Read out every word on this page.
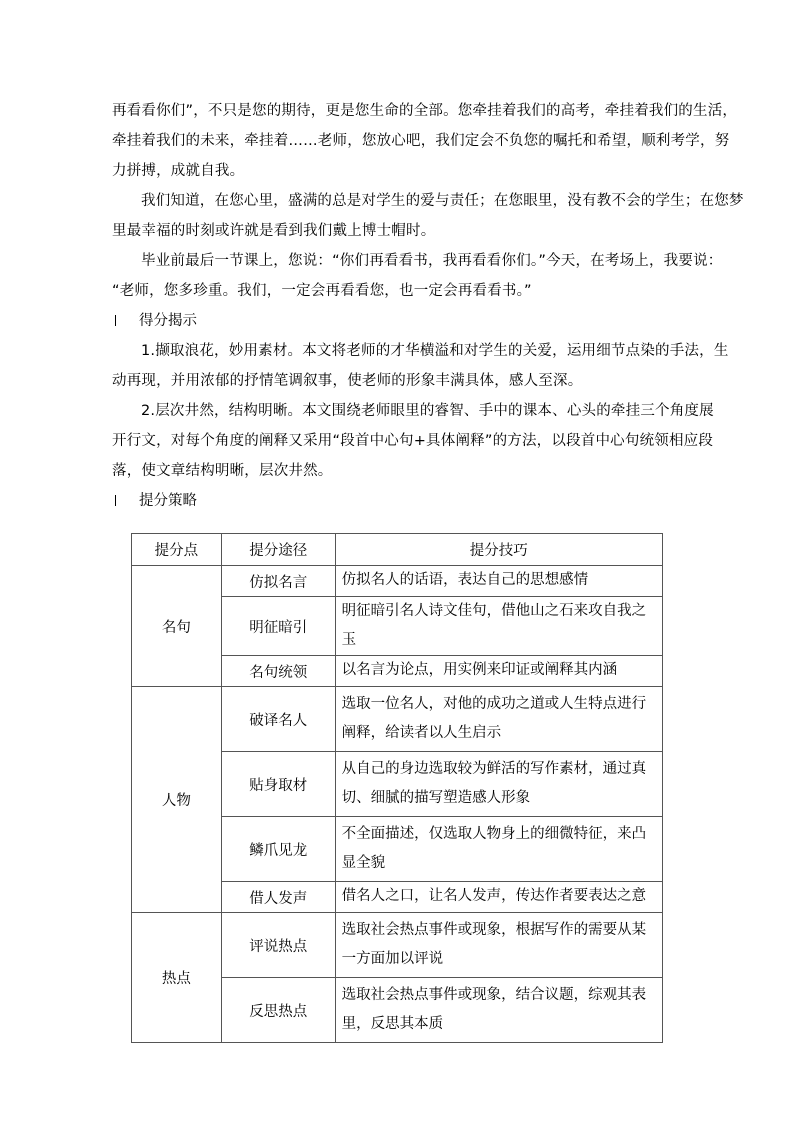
再看看你们”，不只是您的期待，更是您生命的全部。您牵挂着我们的高考，牵挂着我们的生活，
牵挂着我们的未来，牵挂着……老师，您放心吧，我们定会不负您的嘱托和希望，顺利考学，努
力拼搏，成就自我。
我们知道，在您心里，盛满的总是对学生的爱与责任；在您眼里，没有教不会的学生；在您梦
里最幸福的时刻或许就是看到我们戴上博士帽时。
毕业前最后一节课上，您说：“你们再看看书，我再看看你们。”今天，在考场上，我要说：
“老师，您多珍重。我们，一定会再看看您，也一定会再看看书。”
得分揭示
1.撷取浪花，妙用素材。本文将老师的才华横溢和对学生的关爱，运用细节点染的手法，生
动再现，并用浓郁的抒情笔调叙事，使老师的形象丰满具体，感人至深。
2.层次井然，结构明晰。本文围绕老师眼里的睿智、手中的课本、心头的牵挂三个角度展
开行文，对每个角度的阐释又采用“段首中心句+具体阐释”的方法，以段首中心句统领相应段
落，使文章结构明晰，层次井然。
提分策略
提分点	提分途径	提分技巧
名句	仿拟名言	仿拟名人的话语，表达自己的思想感情
	明征暗引	明征暗引名人诗文佳句，借他山之石来攻自我之玉
	名句统领	以名言为论点，用实例来印证或阐释其内涵
人物	破译名人	选取一位名人，对他的成功之道或人生特点进行阐释，给读者以人生启示
	贴身取材	从自己的身边选取较为鲜活的写作素材，通过真切、细腻的描写塑造感人形象
	鳞爪见龙	不全面描述，仅选取人物身上的细微特征，来凸显全貌
	借人发声	借名人之口，让名人发声，传达作者要表达之意
热点	评说热点	选取社会热点事件或现象，根据写作的需要从某一方面加以评说
	反思热点	选取社会热点事件或现象，结合议题，综观其表里，反思其本质
